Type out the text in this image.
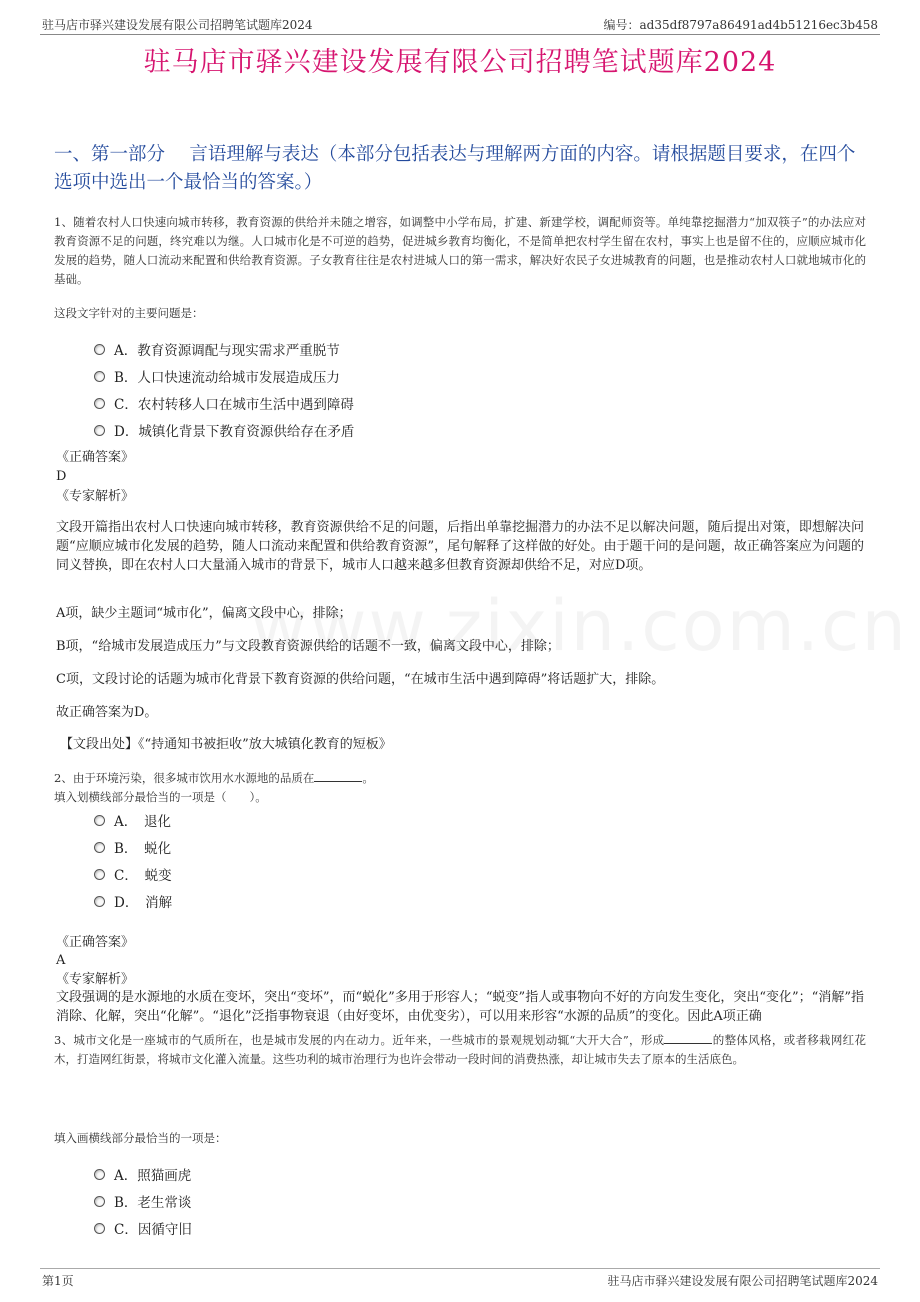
驻马店市驿兴建设发展有限公司招聘笔试题库2024	编号：ad35df8797a86491ad4b51216ec3b458
驻马店市驿兴建设发展有限公司招聘笔试题库2024
一、第一部分　 言语理解与表达（本部分包括表达与理解两方面的内容。请根据题目要求，在四个选项中选出一个最恰当的答案。）
1、随着农村人口快速向城市转移，教育资源的供给并未随之增容，如调整中小学布局，扩建、新建学校，调配师资等。单纯靠挖掘潜力“加双筷子”的办法应对教育资源不足的问题，终究难以为继。人口城市化是不可逆的趋势，促进城乡教育均衡化，不是简单把农村学生留在农村，事实上也是留不住的，应顺应城市化发展的趋势，随人口流动来配置和供给教育资源。子女教育往往是农村进城人口的第一需求，解决好农民子女进城教育的问题，也是推动农村人口就地城市化的基础。
这段文字针对的主要问题是：
A．教育资源调配与现实需求严重脱节
B．人口快速流动给城市发展造成压力
C．农村转移人口在城市生活中遇到障碍
D．城镇化背景下教育资源供给存在矛盾
《正确答案》
D
《专家解析》
文段开篇指出农村人口快速向城市转移，教育资源供给不足的问题，后指出单靠挖掘潜力的办法不足以解决问题，随后提出对策，即想解决问题“应顺应城市化发展的趋势，随人口流动来配置和供给教育资源”，尾句解释了这样做的好处。由于题干问的是问题，故正确答案应为问题的同义替换，即在农村人口大量涌入城市的背景下，城市人口越来越多但教育资源却供给不足，对应D项。
A项，缺少主题词“城市化”，偏离文段中心，排除；
B项，“给城市发展造成压力”与文段教育资源供给的话题不一致，偏离文段中心，排除；
C项，文段讨论的话题为城市化背景下教育资源的供给问题，“在城市生活中遇到障碍”将话题扩大，排除。
故正确答案为D。
【文段出处】《“持通知书被拒收”放大城镇化教育的短板》
2、由于环境污染，很多城市饮用水水源地的品质在	。
填入划横线部分最恰当的一项是（　　）。
A．　退化
B．　蜕化
C．　蜕变
D．　消解
《正确答案》
A
《专家解析》
文段强调的是水源地的水质在变坏，突出“变坏”，而“蜕化”多用于形容人；“蜕变”指人或事物向不好的方向发生变化，突出“变化”；“消解”指消除、化解，突出“化解”。“退化”泛指事物衰退（由好变坏，由优变劣），可以用来形容“水源的品质”的变化。因此A项正确
3、城市文化是一座城市的气质所在，也是城市发展的内在动力。近年来，一些城市的景观规划动辄“大开大合”，形成	的整体风格，或者移栽网红花木，打造网红街景，将城市文化灌入流量。这些功利的城市治理行为也许会带动一段时间的消费热涨，却让城市失去了原本的生活底色。
填入画横线部分最恰当的一项是：
A．照猫画虎
B．老生常谈
C．因循守旧
第1页	驻马店市驿兴建设发展有限公司招聘笔试题库2024
